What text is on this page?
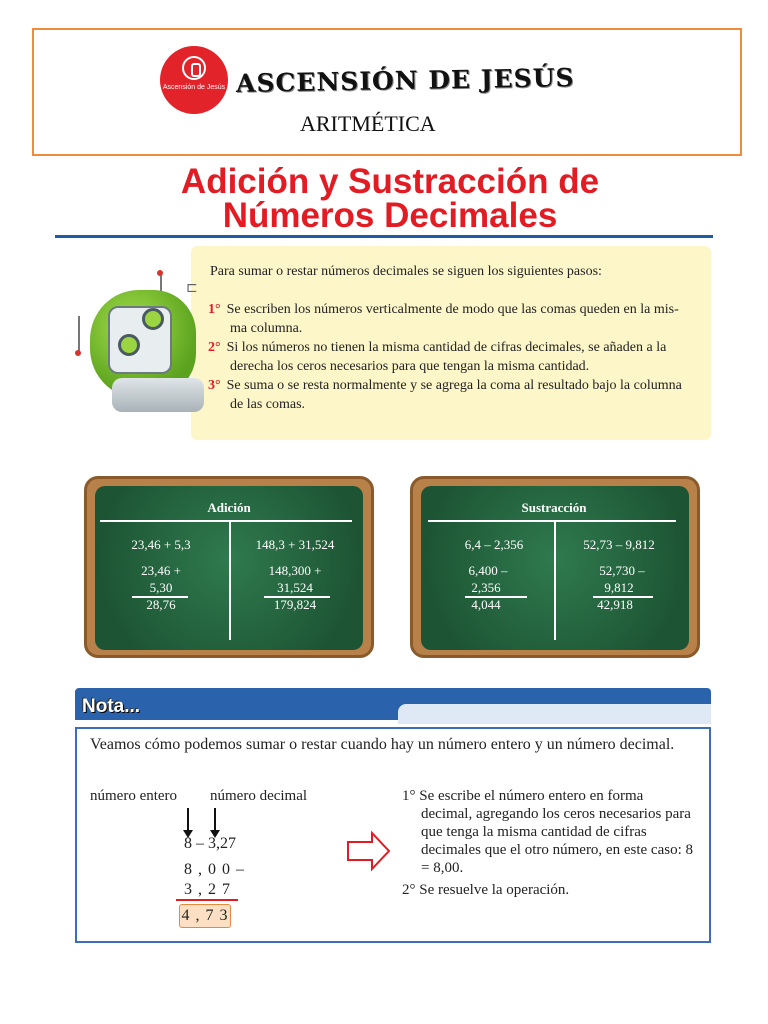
Ascensión de Jesús ASCENSIÓN DE JESÚS
ARITMÉTICA
Adición y Sustracción de
Números Decimales
Para sumar o restar números decimales se siguen los siguientes pasos:
1° Se escriben los números verticalmente de modo que las comas queden en la mis-
ma columna.
2° Si los números no tienen la misma cantidad de cifras decimales, se añaden a la
derecha los ceros necesarios para que tengan la misma cantidad.
3° Se suma o se resta normalmente y se agrega la coma al resultado bajo la columna
de las comas.
⊏
Adición
23,46 + 5,3
23,46 +
5,30
28,76
148,3 + 31,524
148,300 +
31,524
179,824
Sustracción
6,4 – 2,356
6,400 –
2,356
4,044
52,73 – 9,812
52,730 –
9,812
42,918
Nota...
Veamos cómo podemos sumar o restar cuando hay un número entero y un número decimal.
número entero número decimal
8 – 3,27
8 , 0 0 –
3 , 2 7
4 , 7 3
1° Se escribe el número entero en forma
decimal, agregando los ceros necesarios para que tenga la misma cantidad de cifras decimales que el otro número, en este caso: 8 = 8,00.
2° Se resuelve la operación.
